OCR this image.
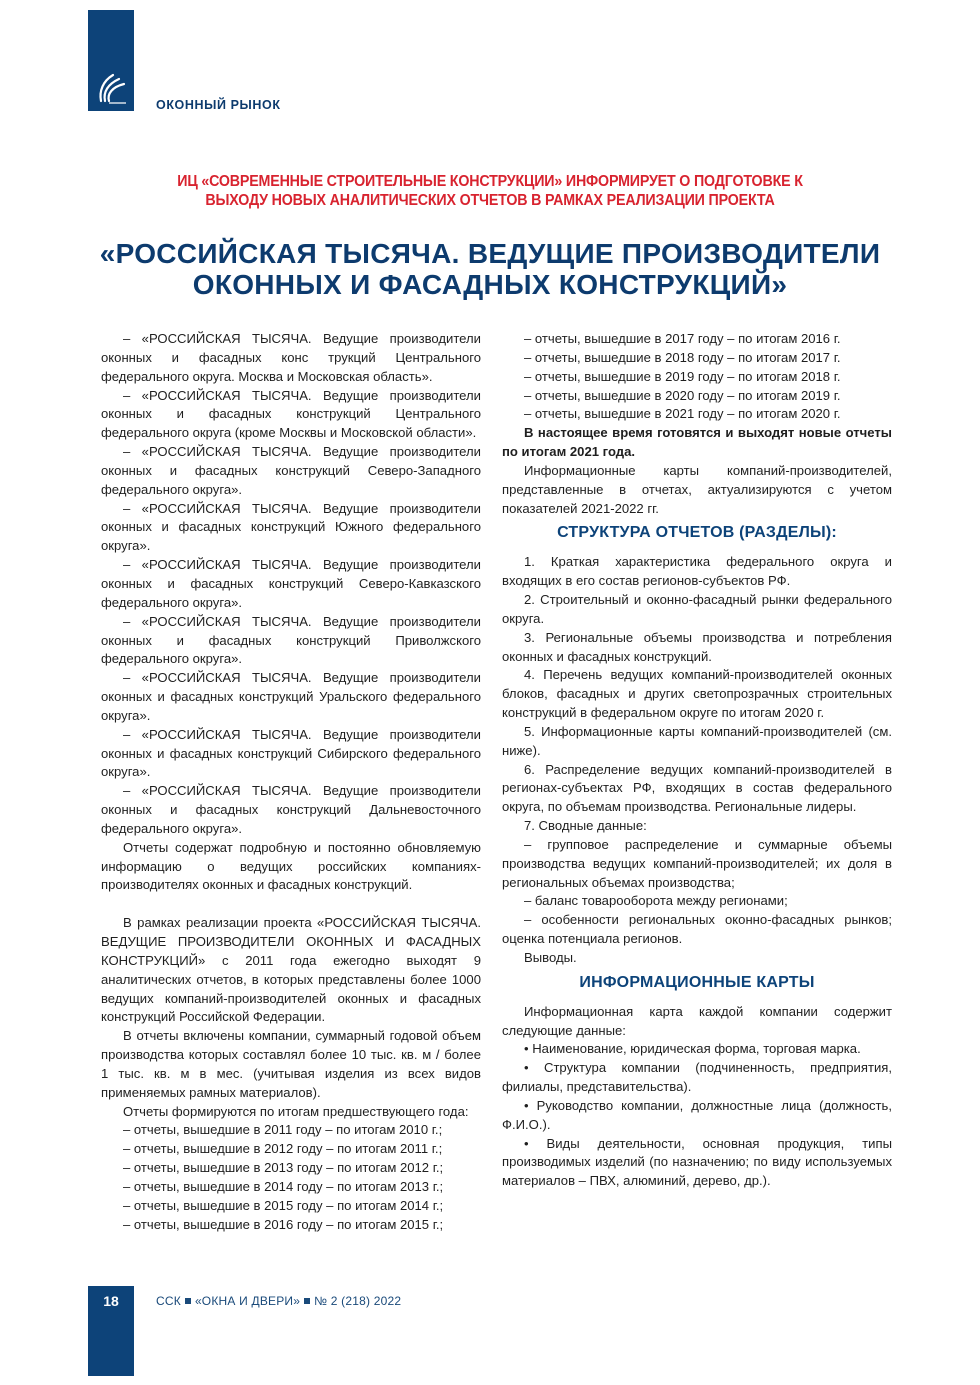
ОКОННЫЙ РЫНОК
ИЦ «СОВРЕМЕННЫЕ СТРОИТЕЛЬНЫЕ КОНСТРУКЦИИ» ИНФОРМИРУЕТ О ПОДГОТОВКЕ К
ВЫХОДУ НОВЫХ АНАЛИТИЧЕСКИХ ОТЧЕТОВ В РАМКАХ РЕАЛИЗАЦИИ ПРОЕКТА
«РОССИЙСКАЯ ТЫСЯЧА. ВЕДУЩИЕ ПРОИЗВОДИТЕЛИ
ОКОННЫХ И ФАСАДНЫХ КОНСТРУКЦИЙ»

– «РОССИЙСКАЯ ТЫСЯЧА. Ведущие производители оконных и фасадных конс трукций Центрального федерального округа. Москва и Московская область».

– «РОССИЙСКАЯ ТЫСЯЧА. Ведущие производители оконных и фасадных конструкций Центрального федерального округа (кроме Москвы и Московской области».

– «РОССИЙСКАЯ ТЫСЯЧА. Ведущие производители оконных и фасадных конструкций Северо-Западного федерального округа».

– «РОССИЙСКАЯ ТЫСЯЧА. Ведущие производители оконных и фасадных конструкций Южного федерального округа».

– «РОССИЙСКАЯ ТЫСЯЧА. Ведущие производители оконных и фасадных конструкций Северо-Кавказского федерального округа».

– «РОССИЙСКАЯ ТЫСЯЧА. Ведущие производители оконных и фасадных конструкций Приволжского федерального округа».

– «РОССИЙСКАЯ ТЫСЯЧА. Ведущие производители оконных и фасадных конструкций Уральского федерального округа».

– «РОССИЙСКАЯ ТЫСЯЧА. Ведущие производители оконных и фасадных конструкций Сибирского федерального округа».

– «РОССИЙСКАЯ ТЫСЯЧА. Ведущие производители оконных и фасадных конструкций Дальневосточного федерального округа».

Отчеты содержат подробную и постоянно обновляемую информацию о ведущих российских компаниях-производителях оконных и фасадных конструкций.

В рамках реализации проекта «РОССИЙСКАЯ ТЫСЯЧА. ВЕДУЩИЕ ПРОИЗВОДИТЕЛИ ОКОННЫХ И ФАСАДНЫХ КОНСТРУКЦИЙ» с 2011 года ежегодно выходят 9 аналитических отчетов, в которых представлены более 1000 ведущих компаний-производителей оконных и фасадных конструкций Российской Федерации.

В отчеты включены компании, суммарный годовой объем производства которых составлял более 10 тыс. кв. м / более 1 тыс. кв. м в мес. (учитывая изделия из всех видов применяемых рамных материалов).

Отчеты формируются по итогам предшествующего года:

– отчеты, вышедшие в 2011 году – по итогам 2010 г.;

– отчеты, вышедшие в 2012 году – по итогам 2011 г.;

– отчеты, вышедшие в 2013 году – по итогам 2012 г.;

– отчеты, вышедшие в 2014 году – по итогам 2013 г.;

– отчеты, вышедшие в 2015 году – по итогам 2014 г.;

– отчеты, вышедшие в 2016 году – по итогам 2015 г.;

– отчеты, вышедшие в 2017 году – по итогам 2016 г.

– отчеты, вышедшие в 2018 году – по итогам 2017 г.

– отчеты, вышедшие в 2019 году – по итогам 2018 г.

– отчеты, вышедшие в 2020 году – по итогам 2019 г.

– отчеты, вышедшие в 2021 году – по итогам 2020 г.

В настоящее время готовятся и выходят новые отчеты по итогам 2021 года.

Информационные карты компаний-производителей, представленные в отчетах, актуализируются с учетом показателей 2021-2022 гг.

СТРУКТУРА ОТЧЕТОВ (РАЗДЕЛЫ):

1. Краткая характеристика федерального округа и входящих в его состав регионов-субъектов РФ.

2. Строительный и оконно-фасадный рынки федерального округа.

3. Региональные объемы производства и потребления оконных и фасадных конструкций.

4. Перечень ведущих компаний-производителей оконных блоков, фасадных и других светопрозрачных строительных конструкций в федеральном округе по итогам 2020 г.

5. Информационные карты компаний-производителей (см. ниже).

6. Распределение ведущих компаний-производителей в регионах-субъектах РФ, входящих в состав федерального округа, по объемам производства. Региональные лидеры.

7. Сводные данные:

– групповое распределение и суммарные объемы производства ведущих компаний-производителей; их доля в региональных объемах производства;

– баланс товарооборота между регионами;

– особенности региональных оконно-фасадных рынков; оценка потенциала регионов.

Выводы.

ИНФОРМАЦИОННЫЕ КАРТЫ

Информационная карта каждой компании содержит следующие данные:

• Наименование, юридическая форма, торговая марка.

• Структура компании (подчиненность, предприятия, филиалы, представительства).

• Руководство компании, должностные лица (должность, Ф.И.О.).

• Виды деятельности, основная продукция, типы производимых изделий (по назначению; по виду используемых материалов – ПВХ, алюминий, дерево, др.).

18	ССК «ОКНА И ДВЕРИ» № 2 (218) 2022
